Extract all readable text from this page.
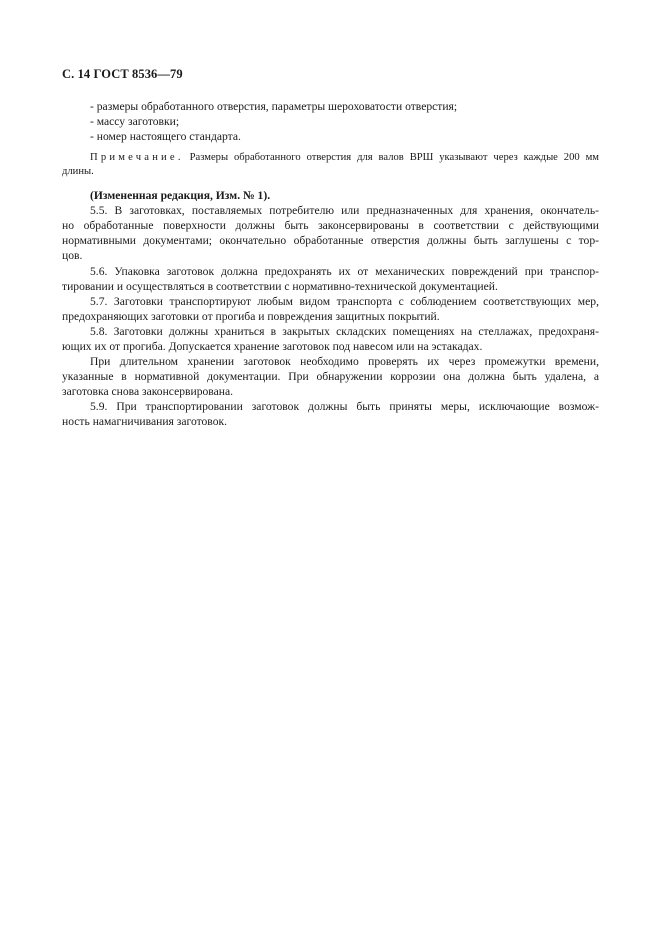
С. 14 ГОСТ 8536—79
- размеры обработанного отверстия, параметры шероховатости отверстия;
- массу заготовки;
- номер настоящего стандарта.
Примечание. Размеры обработанного отверстия для валов ВРШ указывают через каждые 200 мм
длины.
(Измененная редакция, Изм. № 1).
5.5. В заготовках, поставляемых потребителю или предназначенных для хранения, окончатель-
но обработанные поверхности должны быть законсервированы в соответствии с действующими
нормативными документами; окончательно обработанные отверстия должны быть заглушены с тор-
цов.
5.6. Упаковка заготовок должна предохранять их от механических повреждений при транспор-
тировании и осуществляться в соответствии с нормативно-технической документацией.
5.7. Заготовки транспортируют любым видом транспорта с соблюдением соответствующих мер,
предохраняющих заготовки от прогиба и повреждения защитных покрытий.
5.8. Заготовки должны храниться в закрытых складских помещениях на стеллажах, предохраня-
ющих их от прогиба. Допускается хранение заготовок под навесом или на эстакадах.
При длительном хранении заготовок необходимо проверять их через промежутки времени,
указанные в нормативной документации. При обнаружении коррозии она должна быть удалена, а
заготовка снова законсервирована.
5.9. При транспортировании заготовок должны быть приняты меры, исключающие возмож-
ность намагничивания заготовок.
